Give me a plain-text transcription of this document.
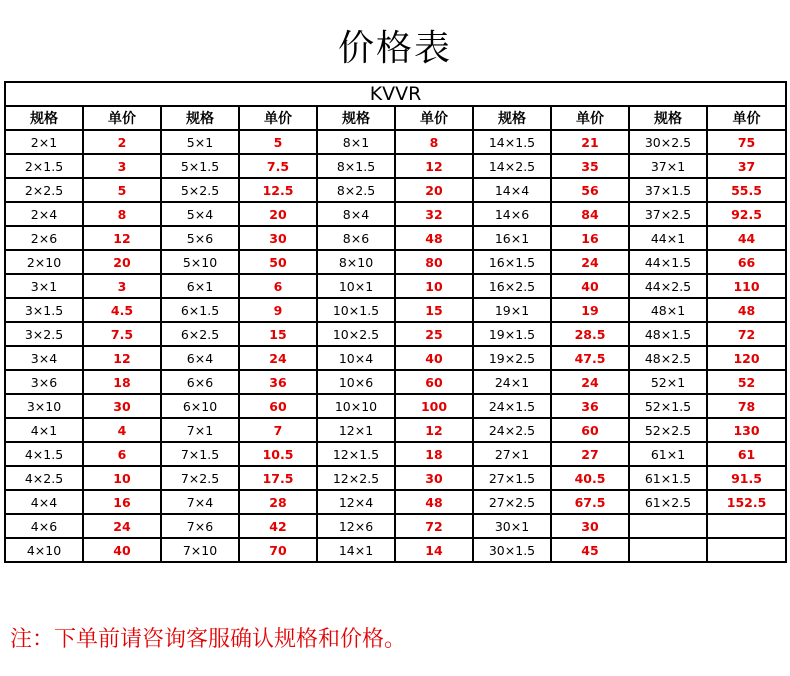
价格表
KVVR									
规格	单价	规格	单价	规格	单价	规格	单价	规格	单价
2×1	2	5×1	5	8×1	8	14×1.5	21	30×2.5	75
2×1.5	3	5×1.5	7.5	8×1.5	12	14×2.5	35	37×1	37
2×2.5	5	5×2.5	12.5	8×2.5	20	14×4	56	37×1.5	55.5
2×4	8	5×4	20	8×4	32	14×6	84	37×2.5	92.5
2×6	12	5×6	30	8×6	48	16×1	16	44×1	44
2×10	20	5×10	50	8×10	80	16×1.5	24	44×1.5	66
3×1	3	6×1	6	10×1	10	16×2.5	40	44×2.5	110
3×1.5	4.5	6×1.5	9	10×1.5	15	19×1	19	48×1	48
3×2.5	7.5	6×2.5	15	10×2.5	25	19×1.5	28.5	48×1.5	72
3×4	12	6×4	24	10×4	40	19×2.5	47.5	48×2.5	120
3×6	18	6×6	36	10×6	60	24×1	24	52×1	52
3×10	30	6×10	60	10×10	100	24×1.5	36	52×1.5	78
4×1	4	7×1	7	12×1	12	24×2.5	60	52×2.5	130
4×1.5	6	7×1.5	10.5	12×1.5	18	27×1	27	61×1	61
4×2.5	10	7×2.5	17.5	12×2.5	30	27×1.5	40.5	61×1.5	91.5
4×4	16	7×4	28	12×4	48	27×2.5	67.5	61×2.5	152.5
4×6	24	7×6	42	12×6	72	30×1	30		
4×10	40	7×10	70	14×1	14	30×1.5	45		
注：下单前请咨询客服确认规格和价格。
